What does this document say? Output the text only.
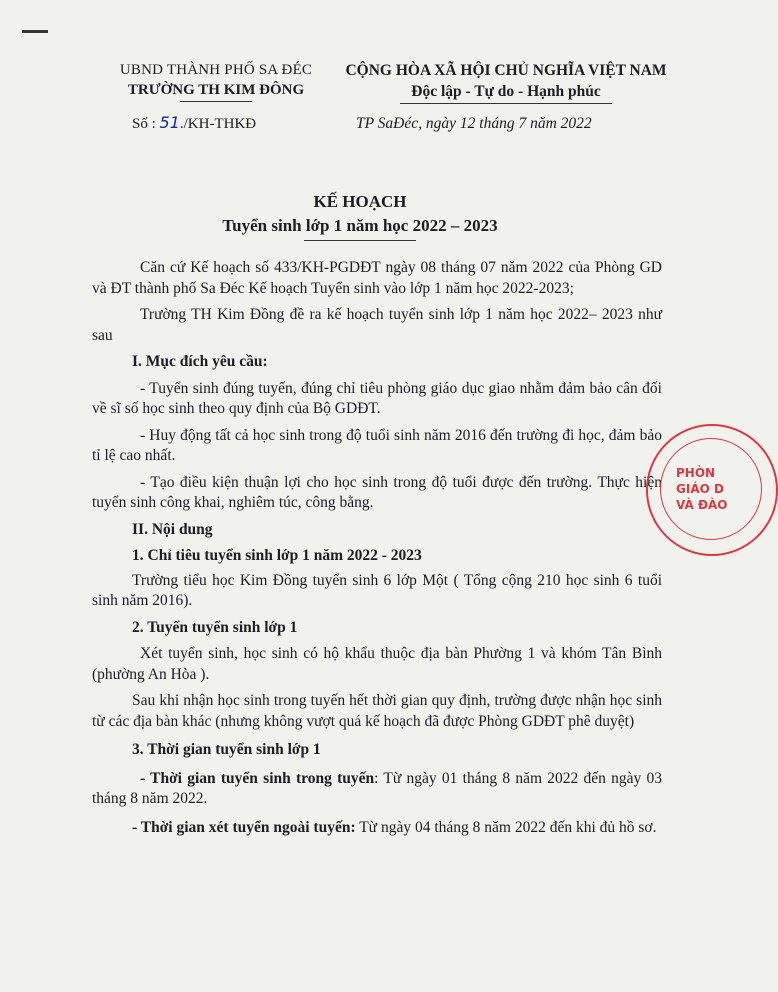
UBND THÀNH PHỐ SA ĐÉC
TRƯỜNG TH KIM ĐÔNG
CỘNG HÒA XÃ HỘI CHỦ NGHĨA VIỆT NAM
Độc lập - Tự do - Hạnh phúc
Số : 51./KH-THKĐ	TP SaĐéc, ngày 12 tháng 7 năm 2022
KẾ HOẠCH
Tuyển sinh lớp 1 năm học 2022 – 2023

Căn cứ Kế hoạch số 433/KH-PGDĐT ngày 08 tháng 07 năm 2022 của Phòng GD và ĐT thành phố Sa Đéc Kế hoạch Tuyển sinh vào lớp 1 năm học 2022-2023;

Trường TH Kim Đồng đề ra kế hoạch tuyển sinh lớp 1 năm học 2022– 2023 như sau

I. Mục đích yêu cầu:

- Tuyển sinh đúng tuyến, đúng chỉ tiêu phòng giáo dục giao nhằm đảm bảo cân đối về sĩ số học sinh theo quy định của Bộ GDĐT.

- Huy động tất cả học sinh trong độ tuổi sinh năm 2016 đến trường đi học, đảm bảo tỉ lệ cao nhất.

- Tạo điều kiện thuận lợi cho học sinh trong độ tuổi được đến trường. Thực hiện tuyển sinh công khai, nghiêm túc, công bằng.

II. Nội dung

1. Chỉ tiêu tuyển sinh lớp 1 năm 2022 - 2023

Trường tiểu học Kim Đồng tuyển sinh 6 lớp Một ( Tổng cộng 210 học sinh 6 tuổi sinh năm 2016).

2. Tuyển tuyển sinh lớp 1

Xét tuyển sinh, học sinh có hộ khẩu thuộc địa bàn Phường 1 và khóm Tân Bình (phường An Hòa ).

Sau khi nhận học sinh trong tuyến hết thời gian quy định, trường được nhận học sinh từ các địa bàn khác (nhưng không vượt quá kế hoạch đã được Phòng GDĐT phê duyệt)

3. Thời gian tuyển sinh lớp 1

- Thời gian tuyển sinh trong tuyến: Từ ngày 01 tháng 8 năm 2022 đến ngày 03 tháng 8 năm 2022.

- Thời gian xét tuyển ngoài tuyến: Từ ngày 04 tháng 8 năm 2022 đến khi đủ hồ sơ.

PHÒN
GIÁO D
VÀ ĐÀO
